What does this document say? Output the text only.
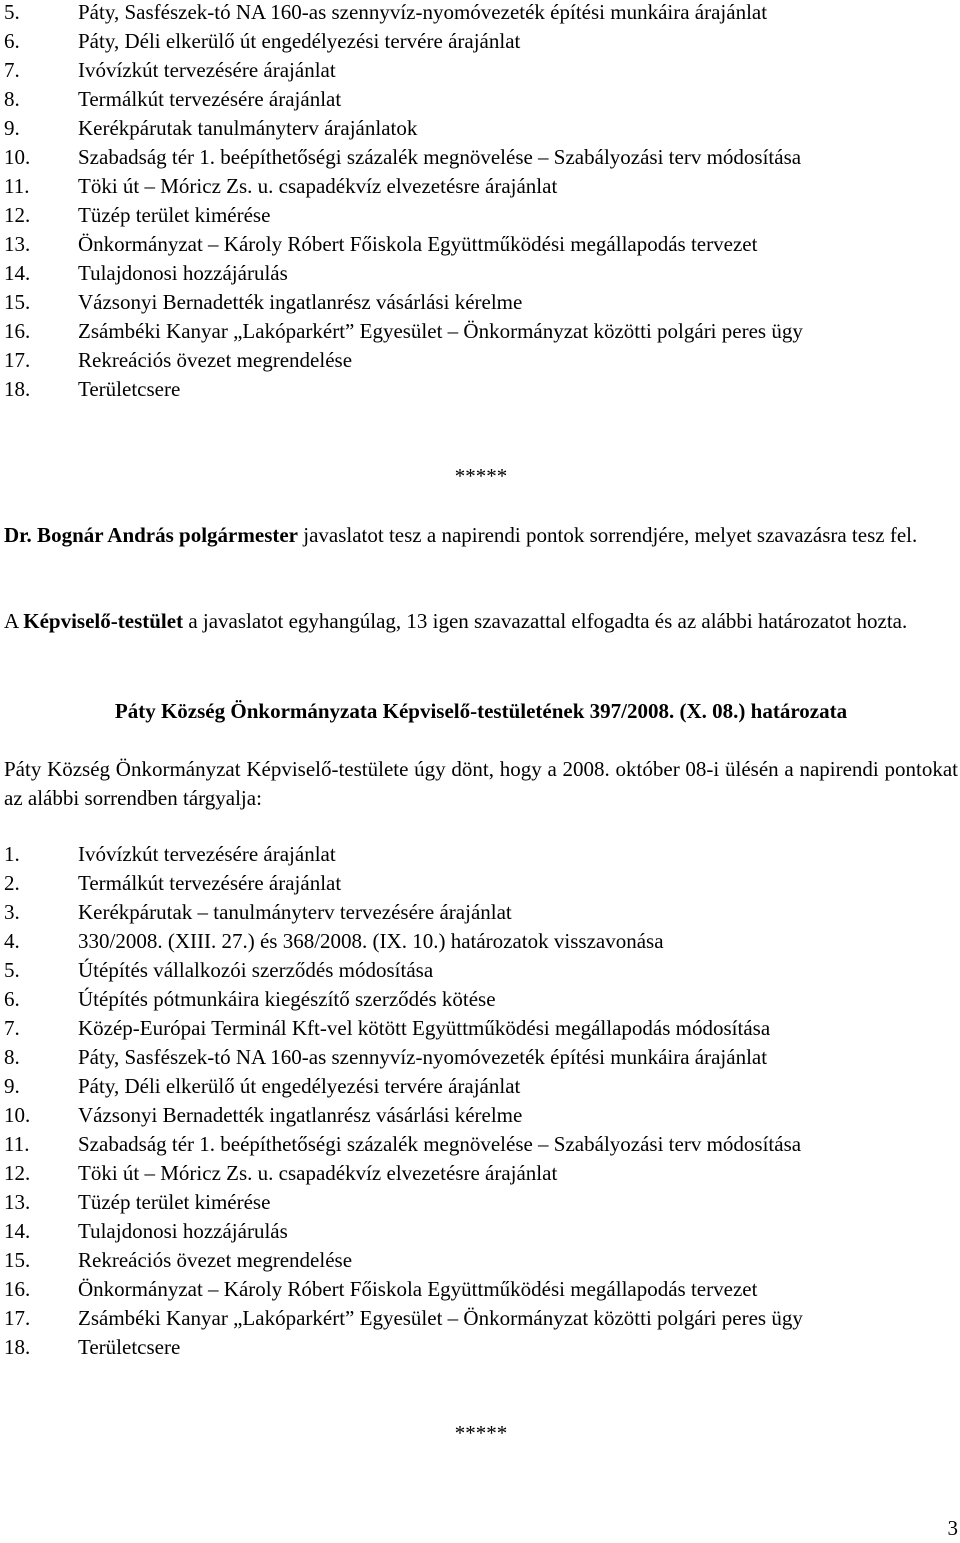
5.	Páty, Sasfészek-tó NA 160-as szennyvíz-nyomóvezeték építési munkáira árajánlat
6.	Páty, Déli elkerülő út engedélyezési tervére árajánlat
7.	Ivóvízkút tervezésére árajánlat
8.	Termálkút tervezésére árajánlat
9.	Kerékpárutak tanulmányterv árajánlatok
10.	Szabadság tér 1. beépíthetőségi százalék megnövelése – Szabályozási terv módosítása
11.	Töki út – Móricz Zs. u. csapadékvíz elvezetésre árajánlat
12.	Tüzép terület kimérése
13.	Önkormányzat – Károly Róbert Főiskola Együttműködési megállapodás tervezet
14.	Tulajdonosi hozzájárulás
15.	Vázsonyi Bernadették ingatlanrész vásárlási kérelme
16.	Zsámbéki Kanyar „Lakóparkért” Egyesület – Önkormányzat közötti polgári peres ügy
17.	Rekreációs övezet megrendelése
18.	Területcsere
*****
Dr. Bognár András polgármester javaslatot tesz a napirendi pontok sorrendjére, melyet szavazásra tesz fel.
A Képviselő-testület a javaslatot egyhangúlag, 13 igen szavazattal elfogadta és az alábbi határozatot hozta.
Páty Község Önkormányzata Képviselő-testületének 397/2008. (X. 08.) határozata
Páty Község Önkormányzat Képviselő-testülete úgy dönt, hogy a 2008. október 08-i ülésén a napirendi pontokat az alábbi sorrendben tárgyalja:
1.	Ivóvízkút tervezésére árajánlat
2.	Termálkút tervezésére árajánlat
3.	Kerékpárutak – tanulmányterv tervezésére árajánlat
4.	330/2008. (XIII. 27.) és 368/2008. (IX. 10.) határozatok visszavonása
5.	Útépítés vállalkozói szerződés módosítása
6.	Útépítés pótmunkáira kiegészítő szerződés kötése
7.	Közép-Európai Terminál Kft-vel kötött Együttműködési megállapodás módosítása
8.	Páty, Sasfészek-tó NA 160-as szennyvíz-nyomóvezeték építési munkáira árajánlat
9.	Páty, Déli elkerülő út engedélyezési tervére árajánlat
10.	Vázsonyi Bernadették ingatlanrész vásárlási kérelme
11.	Szabadság tér 1. beépíthetőségi százalék megnövelése – Szabályozási terv módosítása
12.	Töki út – Móricz Zs. u. csapadékvíz elvezetésre árajánlat
13.	Tüzép terület kimérése
14.	Tulajdonosi hozzájárulás
15.	Rekreációs övezet megrendelése
16.	Önkormányzat – Károly Róbert Főiskola Együttműködési megállapodás tervezet
17.	Zsámbéki Kanyar „Lakóparkért” Egyesület – Önkormányzat közötti polgári peres ügy
18.	Területcsere
*****
3
